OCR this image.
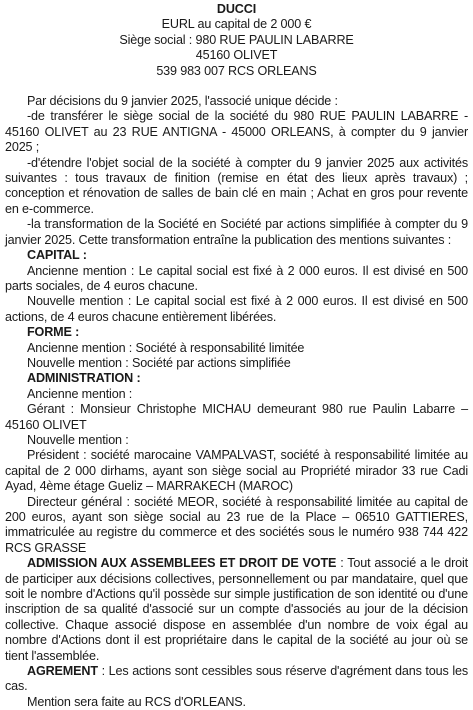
DUCCI
EURL au capital de 2 000 €
Siège social : 980 RUE PAULIN LABARRE
45160 OLIVET
539 983 007 RCS ORLEANS
Par décisions du 9 janvier 2025, l'associé unique décide :
-de transférer le siège social de la société du 980 RUE PAULIN LABARRE - 45160 OLIVET au 23 RUE ANTIGNA - 45000 ORLEANS, à compter du 9 janvier 2025 ;
-d'étendre l'objet social de la société à compter du 9 janvier 2025 aux activités suivantes : tous travaux de finition (remise en état des lieux après travaux) ; conception et rénovation de salles de bain clé en main ; Achat en gros pour revente en e-commerce.
-la transformation de la Société en Société par actions simplifiée à compter du 9 janvier 2025. Cette transformation entraîne la publication des mentions suivantes :
CAPITAL :
Ancienne mention : Le capital social est fixé à 2 000 euros. Il est divisé en 500 parts sociales, de 4 euros chacune.
Nouvelle mention : Le capital social est fixé à 2 000 euros. Il est divisé en 500 actions, de 4 euros chacune entièrement libérées.
FORME :
Ancienne mention : Société à responsabilité limitée
Nouvelle mention : Société par actions simplifiée
ADMINISTRATION :
Ancienne mention :
Gérant : Monsieur Christophe MICHAU demeurant 980 rue Paulin Labarre – 45160 OLIVET
Nouvelle mention :
Président : société marocaine VAMPALVAST, société à responsabilité limitée au capital de 2 000 dirhams, ayant son siège social au Propriété mirador 33 rue Cadi Ayad, 4ème étage Gueliz – MARRAKECH (MAROC)
Directeur général : société MEOR, société à responsabilité limitée au capital de 200 euros, ayant son siège social au 23 rue de la Place – 06510 GATTIERES, immatriculée au registre du commerce et des sociétés sous le numéro 938 744 422 RCS GRASSE
ADMISSION AUX ASSEMBLEES ET DROIT DE VOTE : Tout associé a le droit de participer aux décisions collectives, personnellement ou par mandataire, quel que soit le nombre d'Actions qu'il possède sur simple justification de son identité ou d'une inscription de sa qualité d'associé sur un compte d'associés au jour de la décision collective. Chaque associé dispose en assemblée d'un nombre de voix égal au nombre d'Actions dont il est propriétaire dans le capital de la société au jour où se tient l'assemblée.
AGREMENT : Les actions sont cessibles sous réserve d'agrément dans tous les cas.
Mention sera faite au RCS d'ORLEANS.
